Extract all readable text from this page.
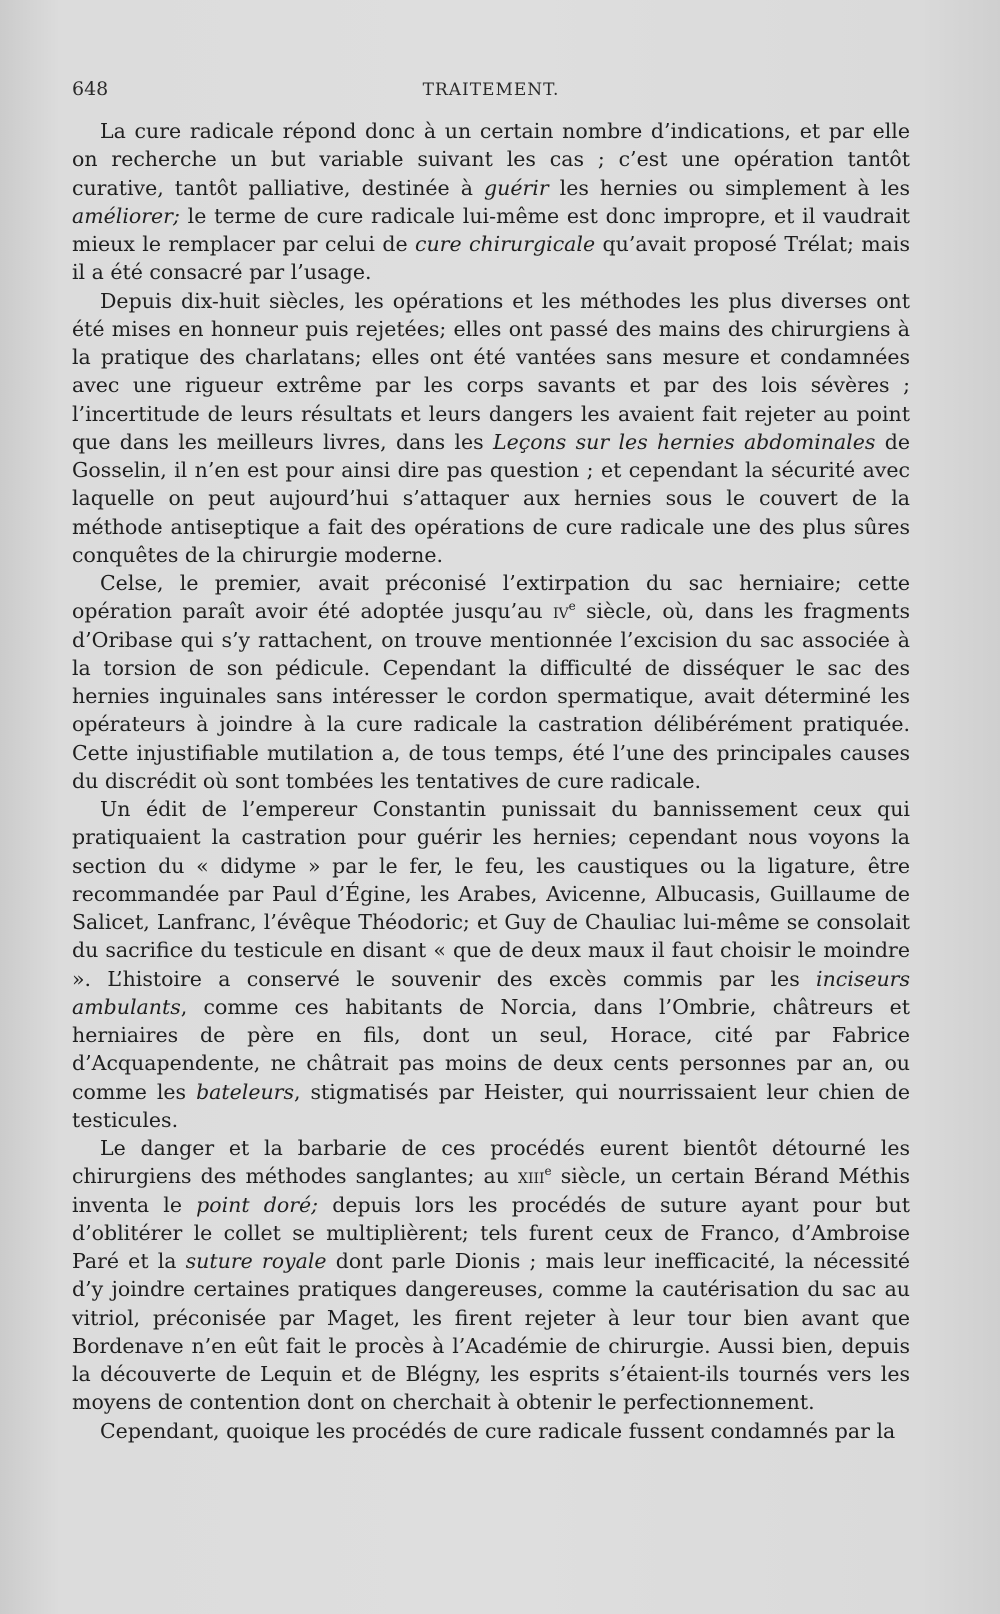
648	TRAITEMENT.

La cure radicale répond donc à un certain nombre d’indications, et par elle on recherche un but variable suivant les cas ; c’est une opération tantôt curative, tantôt palliative, destinée à guérir les hernies ou simplement à les améliorer; le terme de cure radicale lui-même est donc impropre, et il vaudrait mieux le remplacer par celui de cure chirurgicale qu’avait proposé Trélat; mais il a été consacré par l’usage.

Depuis dix-huit siècles, les opérations et les méthodes les plus diverses ont été mises en honneur puis rejetées; elles ont passé des mains des chirurgiens à la pratique des charlatans; elles ont été vantées sans mesure et condamnées avec une rigueur extrême par les corps savants et par des lois sévères ; l’incertitude de leurs résultats et leurs dangers les avaient fait rejeter au point que dans les meilleurs livres, dans les Leçons sur les hernies abdominales de Gosselin, il n’en est pour ainsi dire pas question ; et cependant la sécurité avec laquelle on peut aujourd’hui s’attaquer aux hernies sous le couvert de la méthode antiseptique a fait des opérations de cure radicale une des plus sûres conquêtes de la chirurgie moderne.

Celse, le premier, avait préconisé l’extirpation du sac herniaire; cette opération paraît avoir été adoptée jusqu’au $iv^e$ siècle, où, dans les fragments d’Oribase qui s’y rattachent, on trouve mentionnée l’excision du sac associée à la torsion de son pédicule. Cependant la difficulté de disséquer le sac des hernies inguinales sans intéresser le cordon spermatique, avait déterminé les opérateurs à joindre à la cure radicale la castration délibérément pratiquée. Cette injustifiable mutilation a, de tous temps, été l’une des principales causes du discrédit où sont tombées les tentatives de cure radicale.

Un édit de l’empereur Constantin punissait du bannissement ceux qui pratiquaient la castration pour guérir les hernies; cependant nous voyons la section du « didyme » par le fer, le feu, les caustiques ou la ligature, être recommandée par Paul d’Égine, les Arabes, Avicenne, Albucasis, Guillaume de Salicet, Lanfranc, l’évêque Théodoric; et Guy de Chauliac lui-même se consolait du sacrifice du testicule en disant « que de deux maux il faut choisir le moindre ». L’histoire a conservé le souvenir des excès commis par les inciseurs ambulants, comme ces habitants de Norcia, dans l’Ombrie, châtreurs et herniaires de père en fils, dont un seul, Horace, cité par Fabrice d’Acquapendente, ne châtrait pas moins de deux cents personnes par an, ou comme les bateleurs, stigmatisés par Heister, qui nourrissaient leur chien de testicules.

Le danger et la barbarie de ces procédés eurent bientôt détourné les chirurgiens des méthodes sanglantes; au xiii$^e$ siècle, un certain Bérand Méthis inventa le point doré; depuis lors les procédés de suture ayant pour but d’oblitérer le collet se multiplièrent; tels furent ceux de Franco, d’Ambroise Paré et la suture royale dont parle Dionis ; mais leur inefficacité, la nécessité d’y joindre certaines pratiques dangereuses, comme la cautérisation du sac au vitriol, préconisée par Maget, les firent rejeter à leur tour bien avant que Bordenave n’en eût fait le procès à l’Académie de chirurgie. Aussi bien, depuis la découverte de Lequin et de Blégny, les esprits s’étaient-ils tournés vers les moyens de contention dont on cherchait à obtenir le perfectionnement.

Cependant, quoique les procédés de cure radicale fussent condamnés par la
